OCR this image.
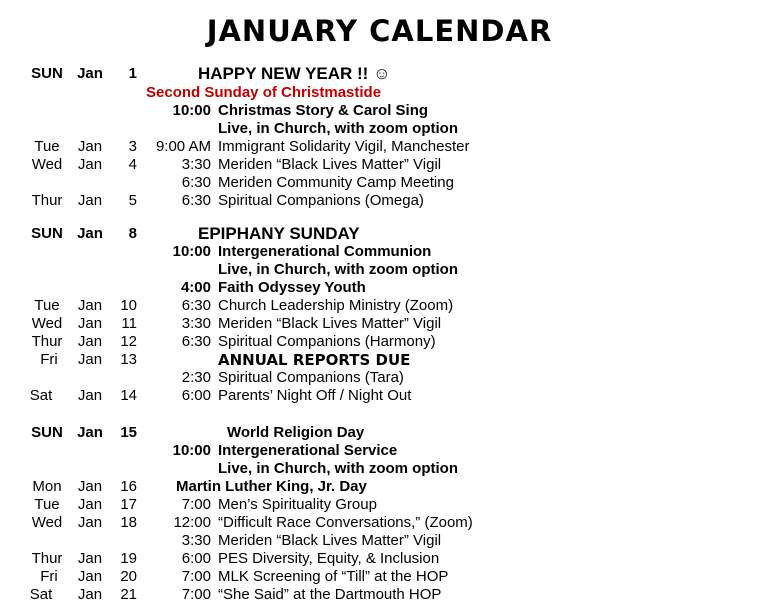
JANUARY CALENDAR
SUN Jan	1	HAPPY NEW YEAR !! ☺
Second Sunday of Christmastide
10:00 Christmas Story & Carol Sing
Live, in Church, with zoom option
Tue	Jan	3	9:00 AM Immigrant Solidarity Vigil, Manchester
Wed	Jan	4	3:30 Meriden “Black Lives Matter” Vigil
6:30 Meriden Community Camp Meeting
Thur	Jan	5	6:30 Spiritual Companions (Omega)
SUN Jan	8	EPIPHANY SUNDAY
10:00 Intergenerational Communion
Live, in Church, with zoom option
4:00 Faith Odyssey Youth
Tue	Jan	10	6:30 Church Leadership Ministry (Zoom)
Wed	Jan	11	3:30 Meriden “Black Lives Matter” Vigil
Thur	Jan	12	6:30 Spiritual Companions (Harmony)
Fri	Jan	13	ANNUAL REPORTS DUE
2:30 Spiritual Companions (Tara)
Sat	Jan	14	6:00 Parents’ Night Off / Night Out
SUN Jan	15	World Religion Day
10:00 Intergenerational Service
Live, in Church, with zoom option
Mon	Jan	16	Martin Luther King, Jr. Day
Tue	Jan	17	7:00 Men’s Spirituality Group
Wed	Jan	18	12:00 “Difficult Race Conversations,” (Zoom)
3:30 Meriden “Black Lives Matter” Vigil
Thur	Jan	19	6:00 PES Diversity, Equity, & Inclusion
Fri	Jan	20	7:00 MLK Screening of “Till” at the HOP
Sat	Jan	21	7:00 “She Said” at the Dartmouth HOP
